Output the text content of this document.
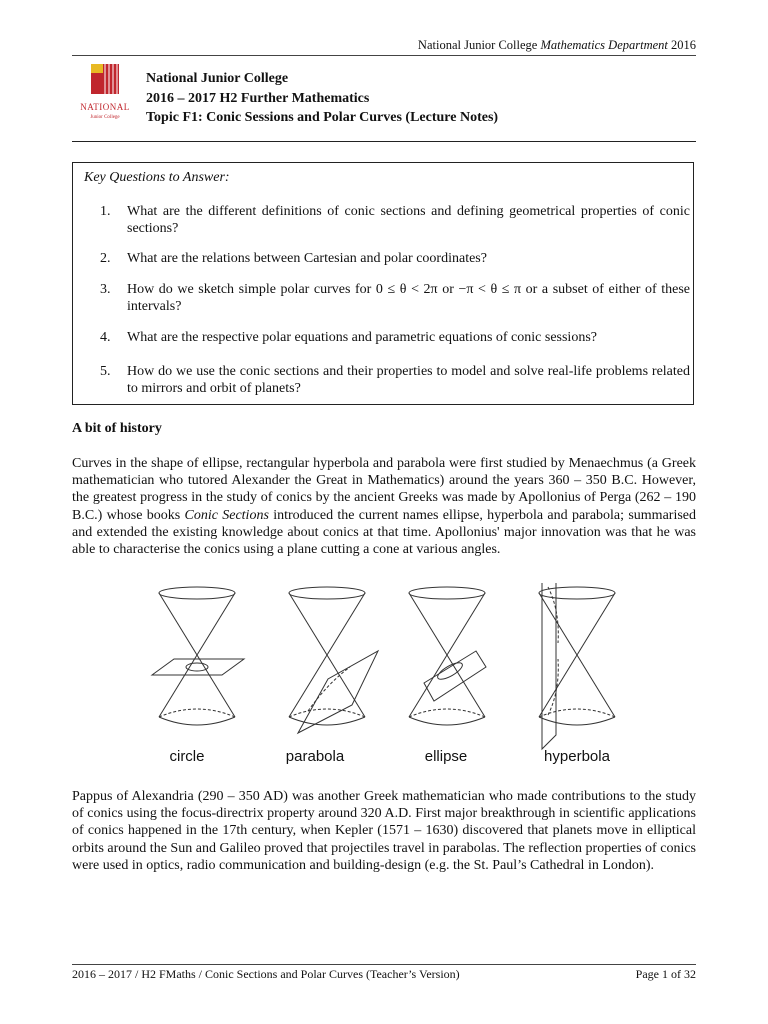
National Junior College Mathematics Department 2016
NATIONAL
Junior College
National Junior College
2016 – 2017 H2 Further Mathematics
Topic F1: Conic Sessions and Polar Curves (Lecture Notes)
Key Questions to Answer:
1. What are the different definitions of conic sections and defining geometrical properties of conic sections?
2. What are the relations between Cartesian and polar coordinates?
3. How do we sketch simple polar curves for 0 ≤ θ < 2π or −π < θ ≤ π or a subset of either of these intervals?
4. What are the respective polar equations and parametric equations of conic sessions?
5. How do we use the conic sections and their properties to model and solve real-life problems related to mirrors and orbit of planets?
A bit of history
Curves in the shape of ellipse, rectangular hyperbola and parabola were first studied by Menaechmus (a Greek mathematician who tutored Alexander the Great in Mathematics) around the years 360 – 350 B.C. However, the greatest progress in the study of conics by the ancient Greeks was made by Apollonius of Perga (262 – 190 B.C.) whose books Conic Sections introduced the current names ellipse, hyperbola and parabola; summarised and extended the existing knowledge about conics at that time. Apollonius' major innovation was that he was able to characterise the conics using a plane cutting a cone at various angles.
circle	parabola	ellipse	hyperbola
Pappus of Alexandria (290 – 350 AD) was another Greek mathematician who made contributions to the study of conics using the focus-directrix property around 320 A.D. First major breakthrough in scientific applications of conics happened in the 17th century, when Kepler (1571 – 1630) discovered that planets move in elliptical orbits around the Sun and Galileo proved that projectiles travel in parabolas. The reflection properties of conics were used in optics, radio communication and building-design (e.g. the St. Paul’s Cathedral in London).
2016 – 2017 / H2 FMaths / Conic Sections and Polar Curves (Teacher’s Version)	Page 1 of 32
